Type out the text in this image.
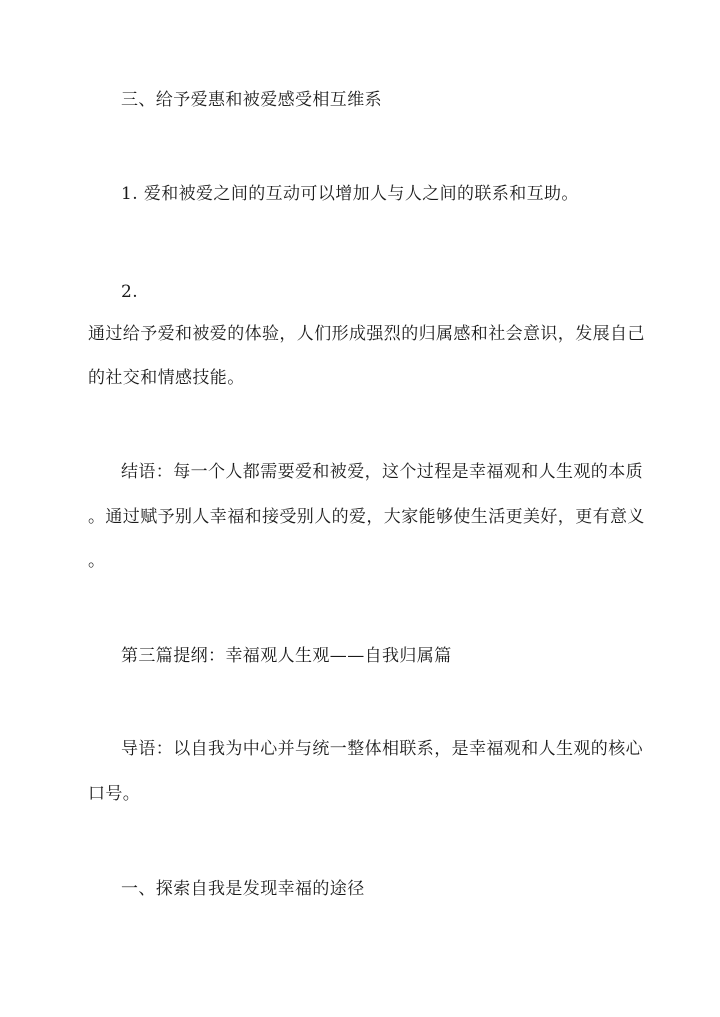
三、给予爱惠和被爱感受相互维系
1. 爱和被爱之间的互动可以增加人与人之间的联系和互助。
2.
通过给予爱和被爱的体验，人们形成强烈的归属感和社会意识，发展自己
的社交和情感技能。
结语：每一个人都需要爱和被爱，这个过程是幸福观和人生观的本质
。通过赋予别人幸福和接受别人的爱，大家能够使生活更美好，更有意义
。
第三篇提纲：幸福观人生观——自我归属篇
导语：以自我为中心并与统一整体相联系，是幸福观和人生观的核心
口号。
一、探索自我是发现幸福的途径
